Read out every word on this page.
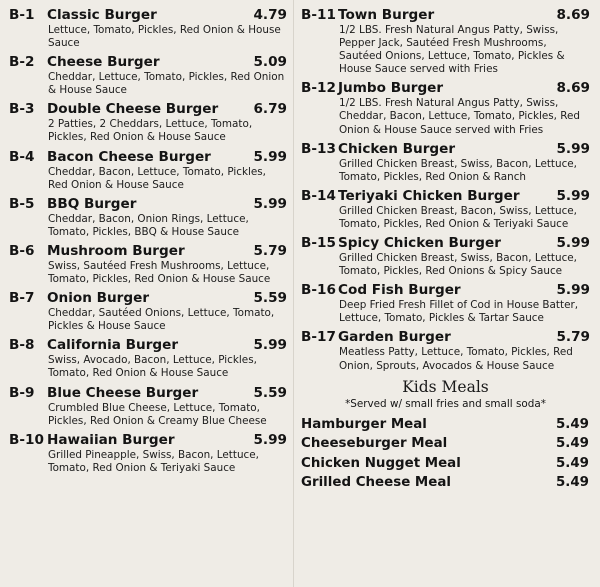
B-1 Classic Burger	4.79
Lettuce, Tomato, Pickles, Red Onion & House Sauce
B-2 Cheese Burger	5.09
Cheddar, Lettuce, Tomato, Pickles, Red Onion & House Sauce
B-3 Double Cheese Burger	6.79
2 Patties, 2 Cheddars, Lettuce, Tomato, Pickles, Red Onion & House Sauce
B-4 Bacon Cheese Burger	5.99
Cheddar, Bacon, Lettuce, Tomato, Pickles, Red Onion & House Sauce
B-5 BBQ Burger	5.99
Cheddar, Bacon, Onion Rings, Lettuce, Tomato, Pickles, BBQ & House Sauce
B-6 Mushroom Burger	5.79
Swiss, Sautéed Fresh Mushrooms, Lettuce, Tomato, Pickles, Red Onion & House Sauce
B-7 Onion Burger	5.59
Cheddar, Sautéed Onions, Lettuce, Tomato, Pickles & House Sauce
B-8 California Burger	5.99
Swiss, Avocado, Bacon, Lettuce, Pickles, Tomato, Red Onion & House Sauce
B-9 Blue Cheese Burger	5.59
Crumbled Blue Cheese, Lettuce, Tomato, Pickles, Red Onion & Creamy Blue Cheese
B-10 Hawaiian Burger	5.99
Grilled Pineapple, Swiss, Bacon, Lettuce, Tomato, Red Onion & Teriyaki Sauce
B-11 Town Burger	8.69
1/2 LBS. Fresh Natural Angus Patty, Swiss, Pepper Jack, Sautéed Fresh Mushrooms, Sautéed Onions, Lettuce, Tomato, Pickles & House Sauce served with Fries
B-12 Jumbo Burger	8.69
1/2 LBS. Fresh Natural Angus Patty, Swiss, Cheddar, Bacon, Lettuce, Tomato, Pickles, Red Onion & House Sauce served with Fries
B-13 Chicken Burger	5.99
Grilled Chicken Breast, Swiss, Bacon, Lettuce, Tomato, Pickles, Red Onion & Ranch
B-14 Teriyaki Chicken Burger	5.99
Grilled Chicken Breast, Bacon, Swiss, Lettuce, Tomato, Pickles, Red Onion & Teriyaki Sauce
B-15 Spicy Chicken Burger	5.99
Grilled Chicken Breast, Swiss, Bacon, Lettuce, Tomato, Pickles, Red Onions & Spicy Sauce
B-16 Cod Fish Burger	5.99
Deep Fried Fresh Fillet of Cod in House Batter, Lettuce, Tomato, Pickles & Tartar Sauce
B-17 Garden Burger	5.79
Meatless Patty, Lettuce, Tomato, Pickles, Red Onion, Sprouts, Avocados & House Sauce
Kids Meals
*Served w/ small fries and small soda*
Hamburger Meal	5.49
Cheeseburger Meal	5.49
Chicken Nugget Meal	5.49
Grilled Cheese Meal	5.49
